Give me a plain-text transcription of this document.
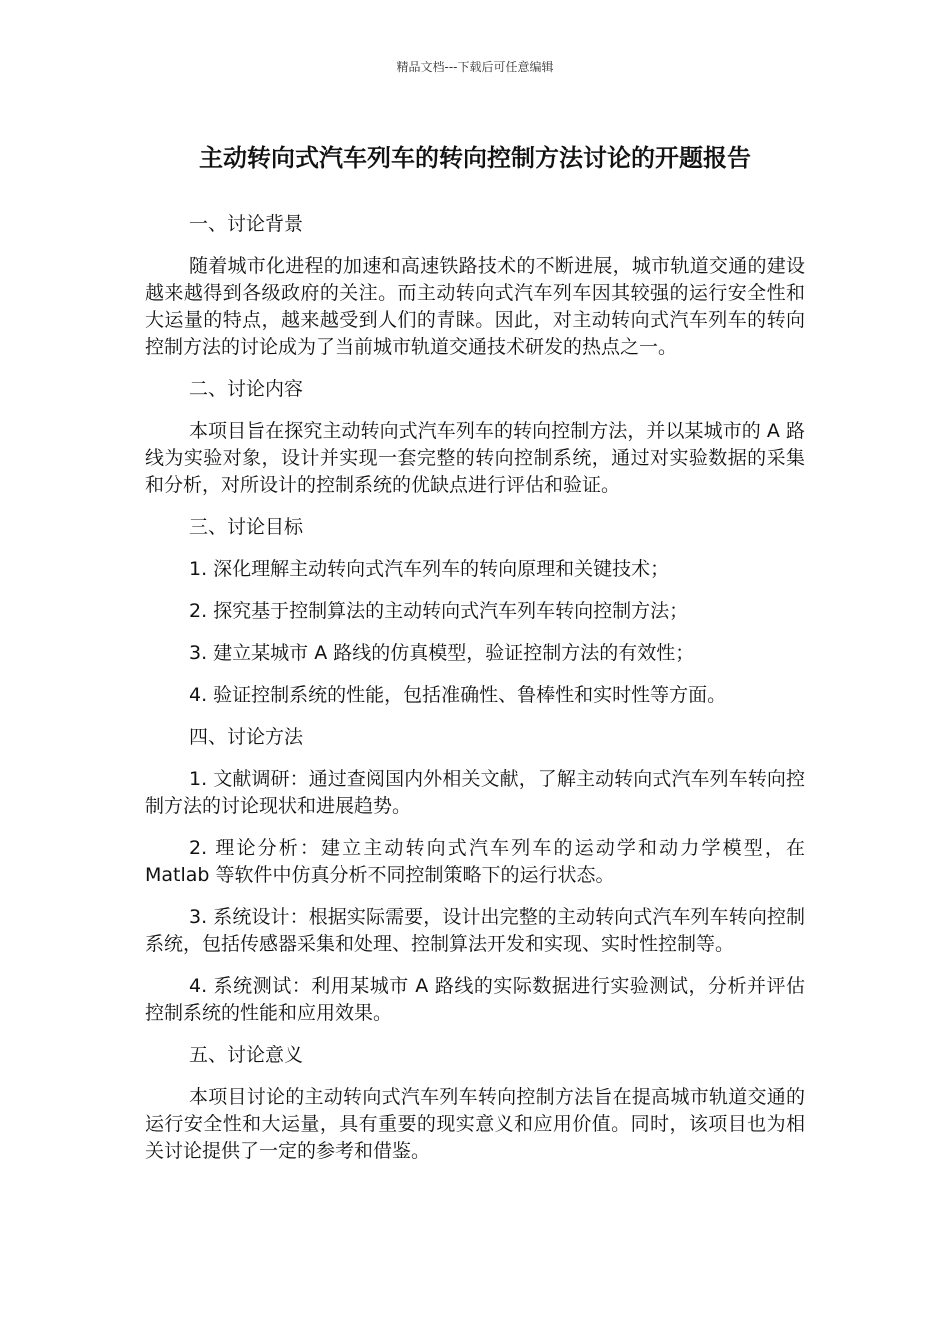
精品文档---下载后可任意编辑
主动转向式汽车列车的转向控制方法讨论的开题报告

一、讨论背景

随着城市化进程的加速和高速铁路技术的不断进展，城市轨道交通的建设越来越得到各级政府的关注。而主动转向式汽车列车因其较强的运行安全性和大运量的特点，越来越受到人们的青睐。因此，对主动转向式汽车列车的转向控制方法的讨论成为了当前城市轨道交通技术研发的热点之一。

二、讨论内容

本项目旨在探究主动转向式汽车列车的转向控制方法，并以某城市的 A 路线为实验对象，设计并实现一套完整的转向控制系统，通过对实验数据的采集和分析，对所设计的控制系统的优缺点进行评估和验证。

三、讨论目标

1. 深化理解主动转向式汽车列车的转向原理和关键技术；

2. 探究基于控制算法的主动转向式汽车列车转向控制方法；

3. 建立某城市 A 路线的仿真模型，验证控制方法的有效性；

4. 验证控制系统的性能，包括准确性、鲁棒性和实时性等方面。

四、讨论方法

1. 文献调研：通过查阅国内外相关文献，了解主动转向式汽车列车转向控制方法的讨论现状和进展趋势。

2. 理论分析：建立主动转向式汽车列车的运动学和动力学模型，在 Matlab 等软件中仿真分析不同控制策略下的运行状态。

3. 系统设计：根据实际需要，设计出完整的主动转向式汽车列车转向控制系统，包括传感器采集和处理、控制算法开发和实现、实时性控制等。

4. 系统测试：利用某城市 A 路线的实际数据进行实验测试，分析并评估控制系统的性能和应用效果。

五、讨论意义

本项目讨论的主动转向式汽车列车转向控制方法旨在提高城市轨道交通的运行安全性和大运量，具有重要的现实意义和应用价值。同时，该项目也为相关讨论提供了一定的参考和借鉴。
